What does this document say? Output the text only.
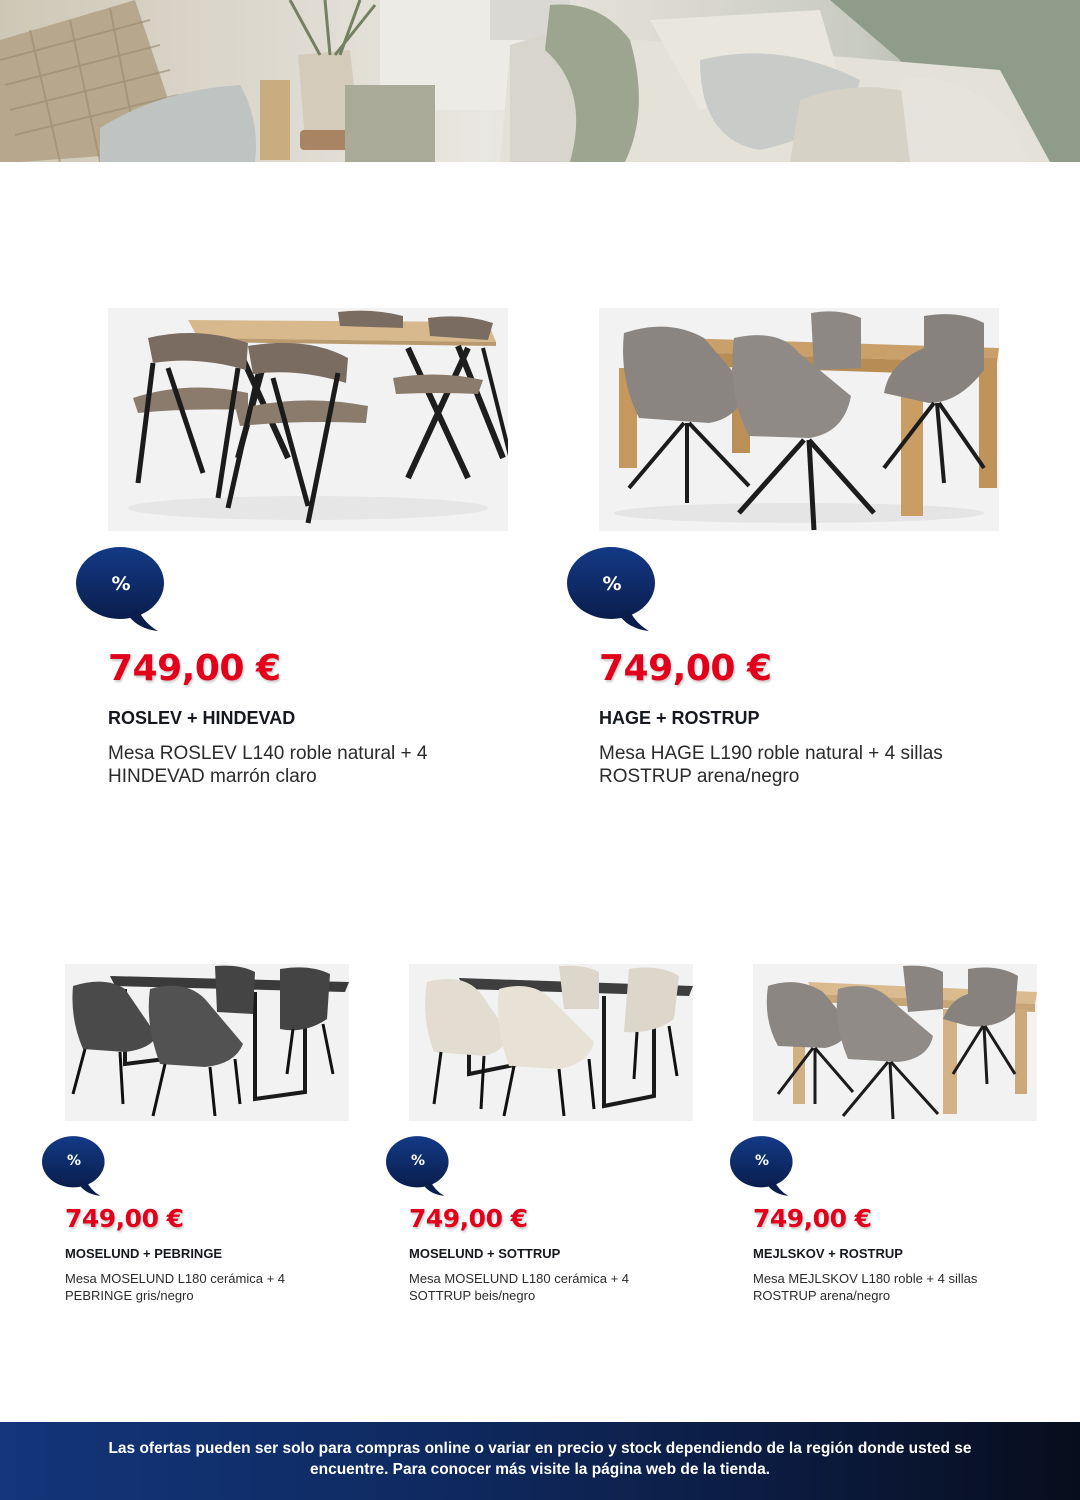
%
749,00 €
ROSLEV + HINDEVAD
Mesa ROSLEV L140 roble natural + 4 HINDEVAD marrón claro
%
749,00 €
HAGE + ROSTRUP
Mesa HAGE L190 roble natural + 4 sillas ROSTRUP arena/negro
%
749,00 €
MOSELUND + PEBRINGE
Mesa MOSELUND L180 cerámica + 4 PEBRINGE gris/negro
%
749,00 €
MOSELUND + SOTTRUP
Mesa MOSELUND L180 cerámica + 4 SOTTRUP beis/negro
%
749,00 €
MEJLSKOV + ROSTRUP
Mesa MEJLSKOV L180 roble + 4 sillas ROSTRUP arena/negro

Las ofertas pueden ser solo para compras online o variar en precio y stock dependiendo de la región donde usted se encuentre. Para conocer más visite la página web de la tienda.
